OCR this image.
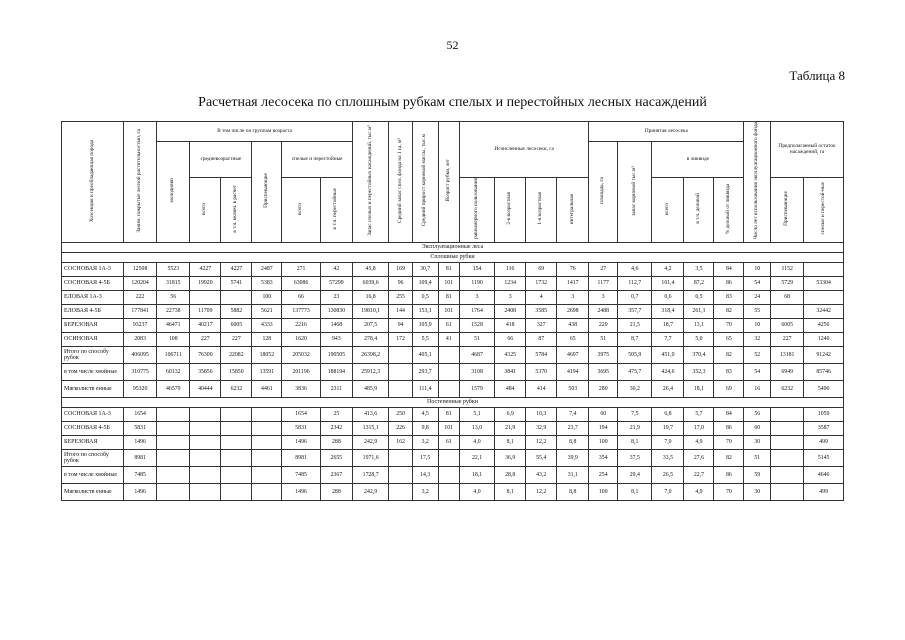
52
Таблица 8
Расчетная лесосека по сплошным рубкам спелых и перестойных лесных насаждений
Хозсекция и преобладающая порода	Заним. покрытые лесной растительностью, га	В том числе по группам возраста						Запас спелых и перестойных насаждений, тыс.м³	Средний запас спел. фонда на 1 га, м³	Средний прирост корневой массы, тыс.м	Возраст рубки, лет	Исчисленные лесосеки, га				Принятая лесосека					Число лет использования эксплуатационного фонда	Предполагаемый остаток насаждений, га	
		молодняки	средневозрастные		Приспевающие	спелые и перестойные										площадь, га	запас корневой тыс.м³	в ликвиде					
			всего	в т.ч. включ. в расчет		всего	в т.ч. перестойные					равномерного пользования	2-я возрастная	1-я возрастная	интегральная			всего	в т.ч. деловой	% деловой от ликвида		Приспевающие	спелые и перестой-ные
Эксплуатационные леса																							
Сплошные рубки																							
СОСНОВАЯ 1А-3	12508	5523	4227	4227	2487	271	42	45,8	169	30,7	81	154	116	69	76	27	4,6	4,2	3,5	84	10	1152	
СОСНОВАЯ 4-5Б	120204	31815	19920	5741	5383	63086	57299	6039,6	96	109,4	101	1190	1234	1732	1417	1177	112,7	101,4	87,2	86	54	5729	53304
ЕЛОВАЯ 1А-3	222	56			100	66	23	16,8	255	0,5	81	3	3	4	3	3	0,7	0,6	0,5	83	24	68	
ЕЛОВАЯ 4-5Б	177841	22738	11709	5882	5621	137773	130830	19810,1	144	153,1	101	1764	2408	3585	2698	2488	357,7	318,4	261,1	82	55		32442
БЕРЕЗОВАЯ	93237	46471	40217	6005	4333	2216	1468	207,5	94	105,9	61	1528	418	327	438	229	21,5	18,7	13,1	70	10	6005	4256
ОСИНОВАЯ	2083	108	227	227	128	1620	943	278,4	172	5,5	41	51	66	87	65	51	8,7	7,7	5,0	65	32	227	1240
Итого по способу рубок	406095	106711	76300	22082	18052	205032	190505	26398,2		405,1		4687	4325	5784	4697	3975	505,9	451,0	370,4	82	52	13181	91242
в том числе хвойные	310775	60132	35856	15850	13591	201196	188194	25912,3		293,7		3108	3841	5370	4194	3695	475,7	424,6	352,3	83	54	6949	85746
Мягколиств енные	95320	46579	40444	6232	4461	3836	2311	485,9		111,4		1579	484	414	503	280	30,2	26,4	18,1	69	16	6232	5496
Постепенные рубки																							
СОСНОВАЯ 1А-3	1654					1654	25	413,6	250	4,5	81	5,1	6,9	10,3	7,4	60	7,5	6,8	5,7	84	56		1059
СОСНОВАЯ 4-5Б	5831					5831	2342	1315,1	226	9,8	101	13,0	21,9	32,9	23,7	194	21,9	19,7	17,0	86	60		3587
БЕРЕЗОВАЯ	1496					1496	288	242,9	162	3,2	61	4,0	8,1	12,2	8,8	100	8,1	7,0	4,9	70	30		499
Итого по способу рубок	8981					8981	2655	1971,6		17,5		22,1	36,9	55,4	39,9	354	37,5	33,5	27,6	82	51		5145
в том числе хвойные	7485					7485	2367	1728,7		14,3		18,1	28,8	43,2	31,1	254	29,4	26,5	22,7	86	59		4646
Мягколиств енные	1496					1496	288	242,9		3,2		4,0	8,1	12,2	8,8	100	8,1	7,0	4,9	70	30		499
